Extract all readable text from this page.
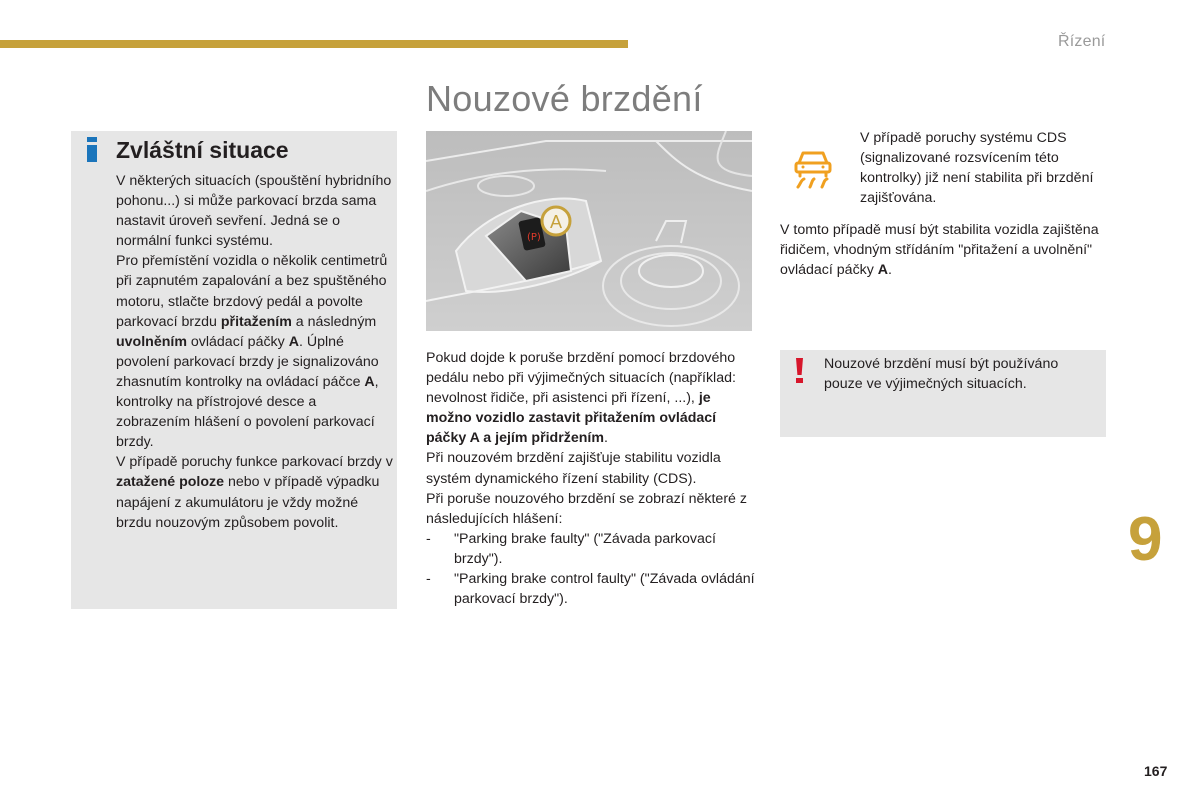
Řízení
Nouzové brzdění
Zvláštní situace

V některých situacích (spouštění hybridního pohonu...) si může parkovací brzda sama nastavit úroveň sevření. Jedná se o normální funkci systému.

Pro přemístění vozidla o několik centimetrů při zapnutém zapalování a bez spuštěného motoru, stlačte brzdový pedál a povolte parkovací brzdu přitažením a následným uvolněním ovládací páčky A. Úplné povolení parkovací brzdy je signalizováno zhasnutím kontrolky na ovládací páčce A, kontrolky na přístrojové desce a zobrazením hlášení o povolení parkovací brzdy.

V případě poruchy funkce parkovací brzdy v zatažené poloze nebo v případě výpadku napájení z akumulátoru je vždy možné brzdu nouzovým způsobem povolit.

(P)
A

Pokud dojde k poruše brzdění pomocí brzdového pedálu nebo při výjimečných situacích (například: nevolnost řidiče, při asistenci při řízení, ...), je možno vozidlo zastavit přitažením ovládací páčky A a jejím přidržením.

Při nouzovém brzdění zajišťuje stabilitu vozidla systém dynamického řízení stability (CDS).

Při poruše nouzového brzdění se zobrazí některé z následujících hlášení:

- "Parking brake faulty" ("Závada parkovací brzdy").

- "Parking brake control faulty" ("Závada ovládání parkovací brzdy").

V případě poruchy systému CDS (signalizované rozsvícením této kontrolky) již není stabilita při brzdění zajišťována.

V tomto případě musí být stabilita vozidla zajištěna řidičem, vhodným střídáním "přitažení a uvolnění" ovládací páčky A.

Nouzové brzdění musí být používáno pouze ve výjimečných situacích.

9
167
